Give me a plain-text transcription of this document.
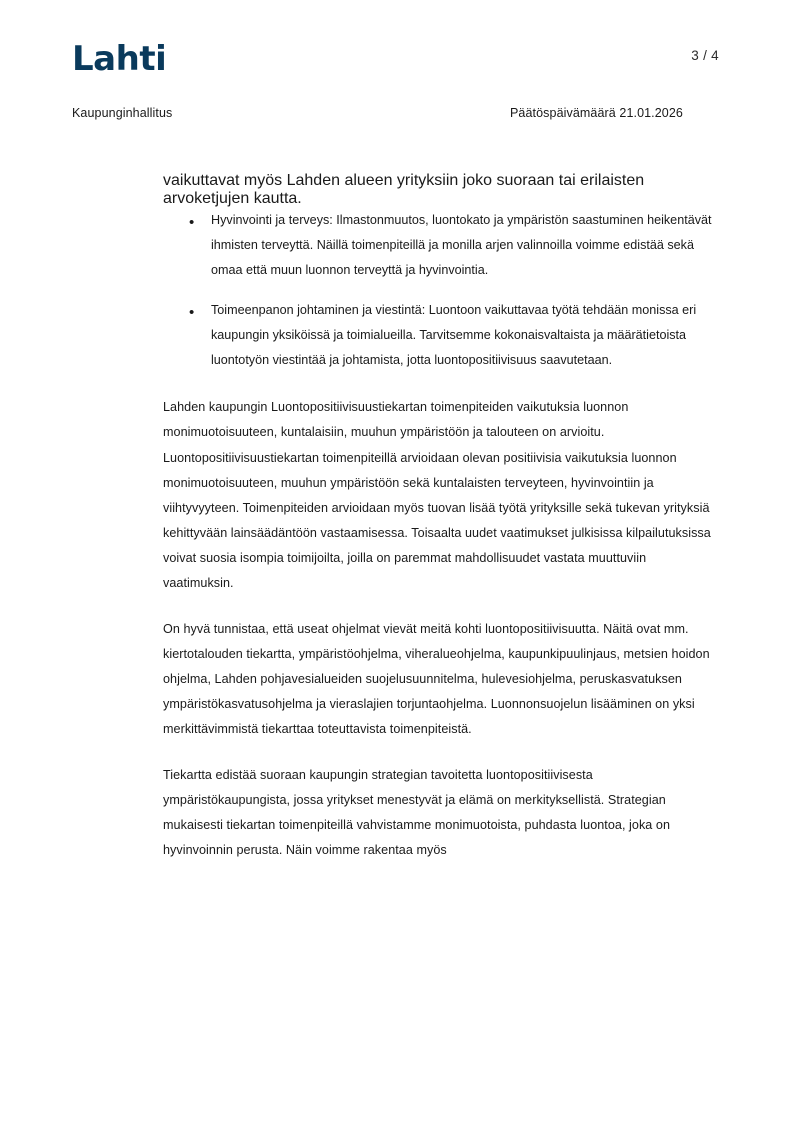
Lahti	3 / 4
Kaupunginhallitus	Päätöspäivämäärä 21.01.2026
vaikuttavat myös Lahden alueen yrityksiin joko suoraan tai erilaisten arvoketjujen kautta.
• Hyvinvointi ja terveys: Ilmastonmuutos, luontokato ja ympäristön saastuminen heikentävät ihmisten terveyttä. Näillä toimenpiteillä ja monilla arjen valinnoilla voimme edistää sekä omaa että muun luonnon terveyttä ja hyvinvointia.
• Toimeenpanon johtaminen ja viestintä: Luontoon vaikuttavaa työtä tehdään monissa eri kaupungin yksiköissä ja toimialueilla. Tarvitsemme kokonaisvaltaista ja määrätietoista luontotyön viestintää ja johtamista, jotta luontopositiivisuus saavutetaan.

Lahden kaupungin Luontopositiivisuustiekartan toimenpiteiden vaikutuksia luonnon monimuotoisuuteen, kuntalaisiin, muuhun ympäristöön ja talouteen on arvioitu. Luontopositiivisuustiekartan toimenpiteillä arvioidaan olevan positiivisia vaikutuksia luonnon monimuotoisuuteen, muuhun ympäristöön sekä kuntalaisten terveyteen, hyvinvointiin ja viihtyvyyteen. Toimenpiteiden arvioidaan myös tuovan lisää työtä yrityksille sekä tukevan yrityksiä kehittyvään lainsäädäntöön vastaamisessa. Toisaalta uudet vaatimukset julkisissa kilpailutuksissa voivat suosia isompia toimijoilta, joilla on paremmat mahdollisuudet vastata muuttuviin vaatimuksin.

On hyvä tunnistaa, että useat ohjelmat vievät meitä kohti luontopositiivisuutta. Näitä ovat mm. kiertotalouden tiekartta, ympäristöohjelma, viheralueohjelma, kaupunkipuulinjaus, metsien hoidon ohjelma, Lahden pohjavesialueiden suojelusuunnitelma, hulevesiohjelma, peruskasvatuksen ympäristökasvatusohjelma ja vieraslajien torjuntaohjelma. Luonnonsuojelun lisääminen on yksi merkittävimmistä tiekarttaa toteuttavista toimenpiteistä.

Tiekartta edistää suoraan kaupungin strategian tavoitetta luontopositiivisesta ympäristökaupungista, jossa yritykset menestyvät ja elämä on merkityksellistä. Strategian mukaisesti tiekartan toimenpiteillä vahvistamme monimuotoista, puhdasta luontoa, joka on hyvinvoinnin perusta. Näin voimme rakentaa myös
